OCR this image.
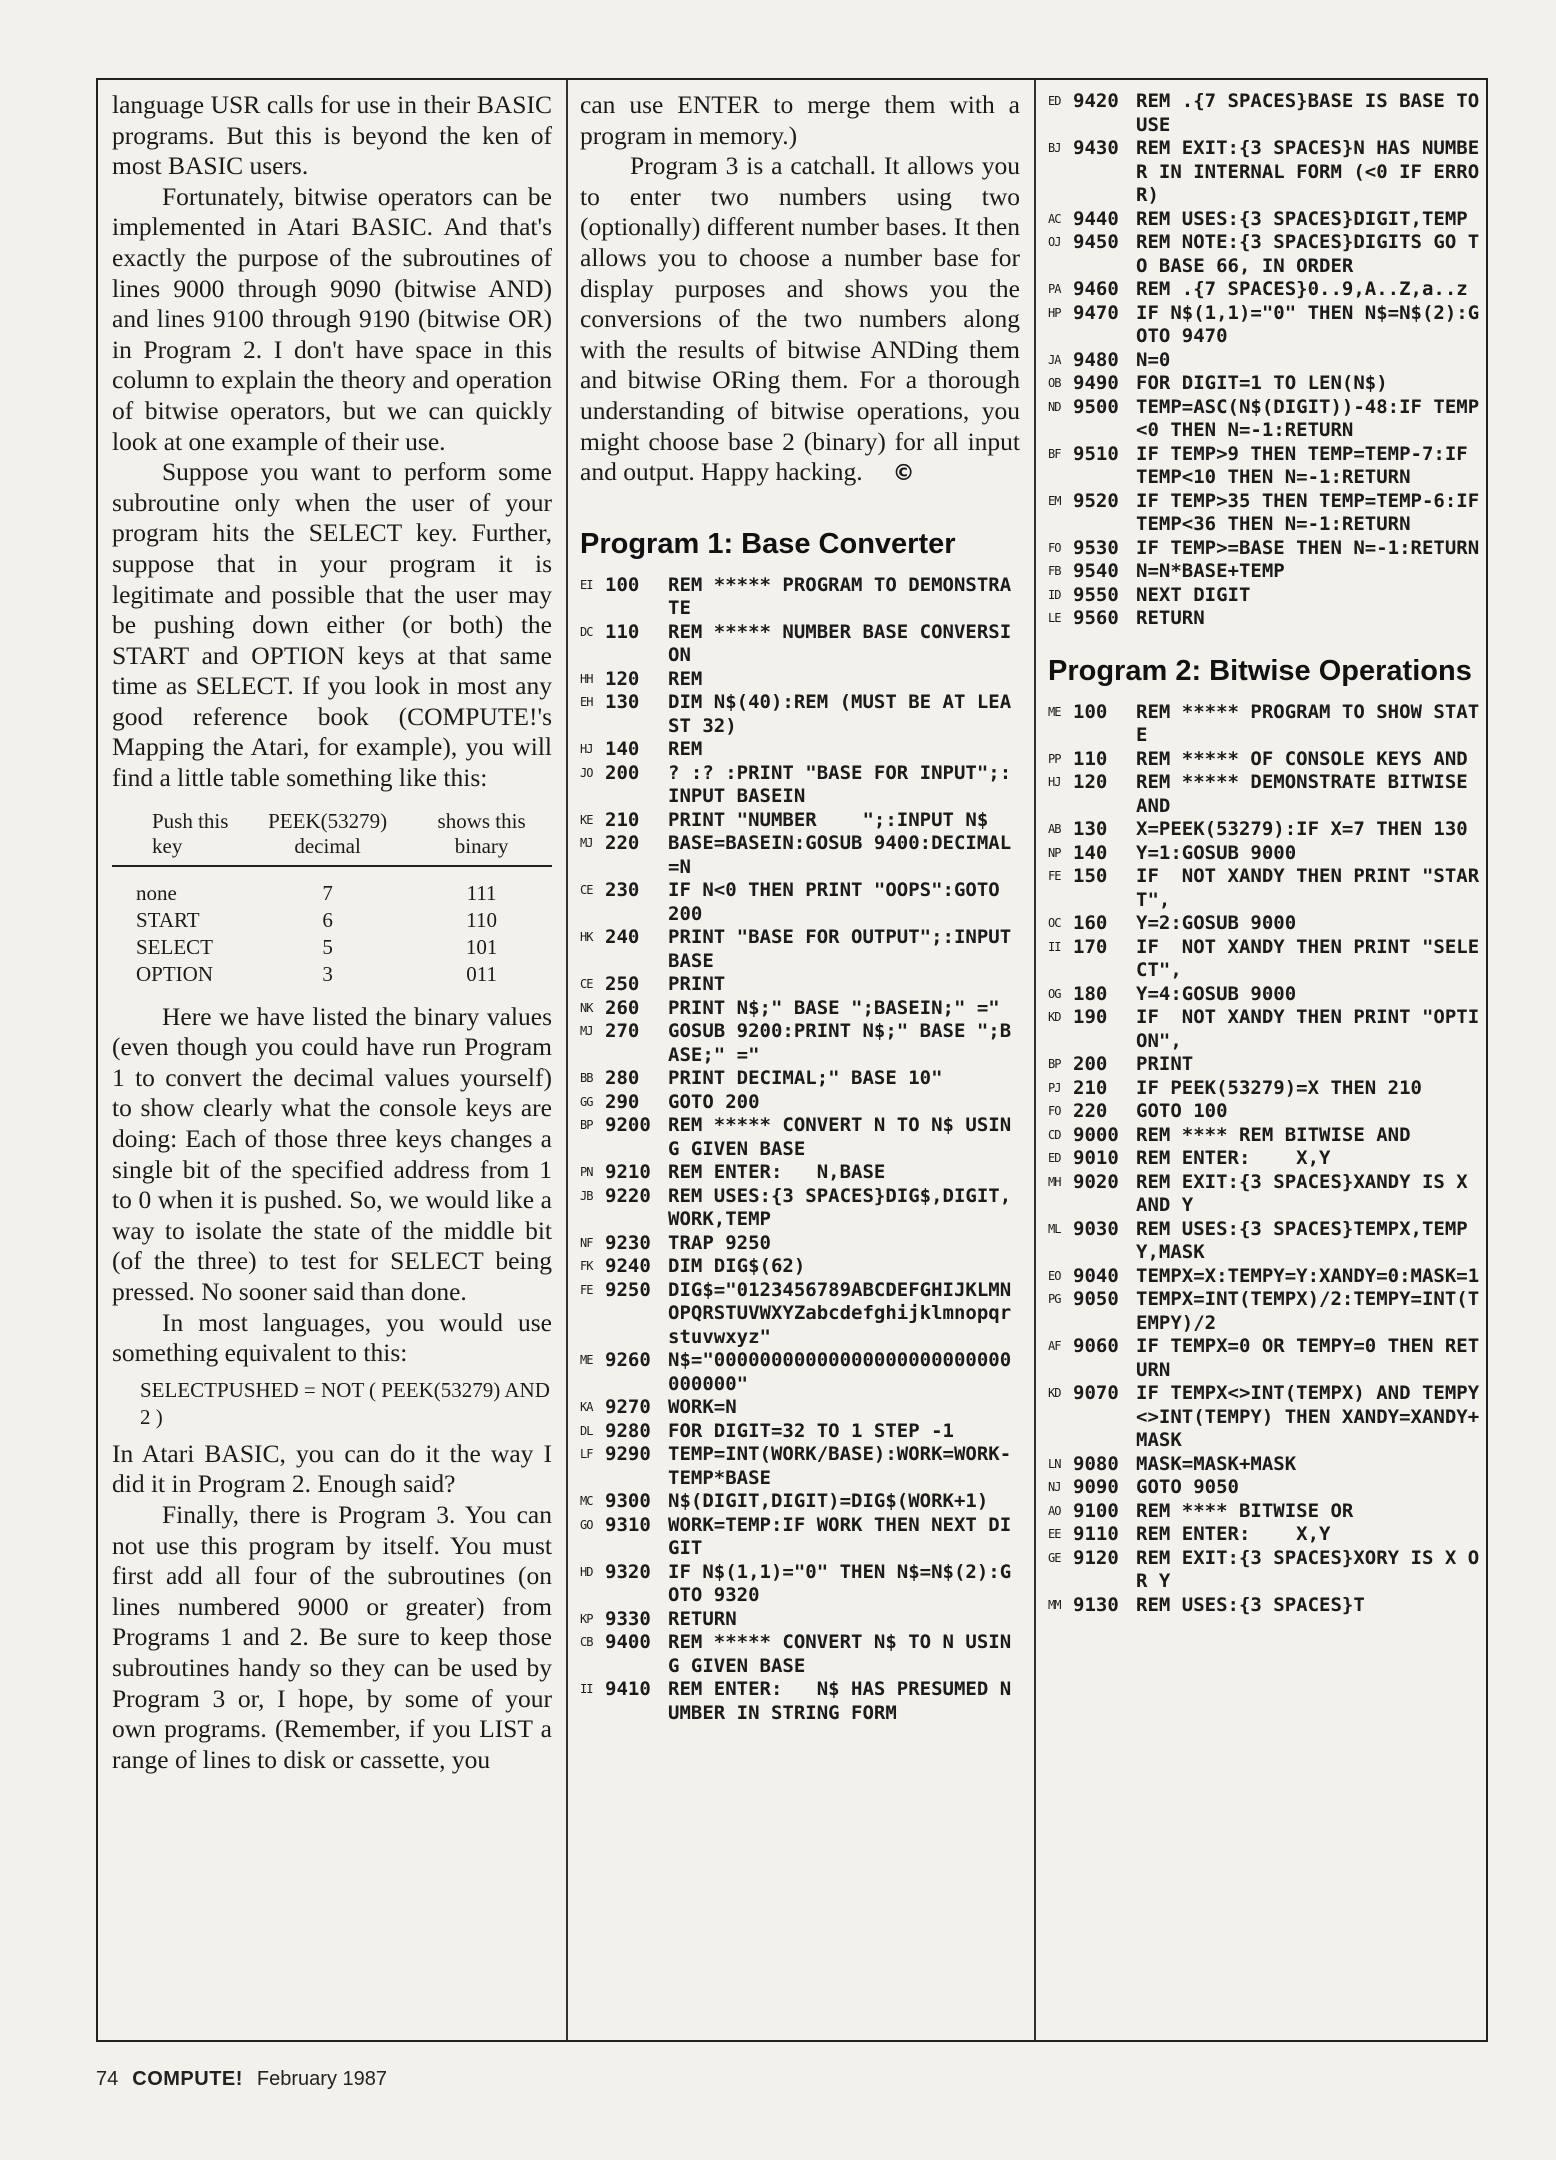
language USR calls for use in their BASIC programs. But this is beyond the ken of most BASIC users.

Fortunately, bitwise operators can be implemented in Atari BASIC. And that's exactly the purpose of the subroutines of lines 9000 through 9090 (bitwise AND) and lines 9100 through 9190 (bitwise OR) in Program 2. I don't have space in this column to explain the theory and operation of bitwise operators, but we can quickly look at one example of their use.

Suppose you want to perform some subroutine only when the user of your program hits the SELECT key. Further, suppose that in your program it is legitimate and possible that the user may be pushing down either (or both) the START and OPTION keys at that same time as SELECT. If you look in most any good reference book (COMPUTE!'s Mapping the Atari, for example), you will find a little table something like this:

Push this key	PEEK(53279) decimal	shows this binary
none	7	111
START	6	110
SELECT	5	101
OPTION	3	011

Here we have listed the binary values (even though you could have run Program 1 to convert the decimal values yourself) to show clearly what the console keys are doing: Each of those three keys changes a single bit of the specified address from 1 to 0 when it is pushed. So, we would like a way to isolate the state of the middle bit (of the three) to test for SELECT being pressed. No sooner said than done.

In most languages, you would use something equivalent to this:

SELECTPUSHED = NOT ( PEEK(53279) AND 2 )

In Atari BASIC, you can do it the way I did it in Program 2. Enough said?

Finally, there is Program 3. You can not use this program by itself. You must first add all four of the subroutines (on lines numbered 9000 or greater) from Programs 1 and 2. Be sure to keep those subroutines handy so they can be used by Program 3 or, I hope, by some of your own programs. (Remember, if you LIST a range of lines to disk or cassette, you

can use ENTER to merge them with a program in memory.)

Program 3 is a catchall. It allows you to enter two numbers using two (optionally) different number bases. It then allows you to choose a number base for display purposes and shows you the conversions of the two numbers along with the results of bitwise ANDing them and bitwise ORing them. For a thorough understanding of bitwise operations, you might choose base 2 (binary) for all input and output. Happy hacking. ©

Program 1: Base Converter
EI 100	REM ***** PROGRAM TO DEMONSTRATE
DC 110	REM ***** NUMBER BASE CONVERSION
HH 120	REM
EH 130	DIM N$(40):REM (MUST BE AT LEAST 32)
HJ 140	REM
JO 200	? :? :PRINT "BASE FOR INPUT";:INPUT BASEIN
KE 210	PRINT "NUMBER    ";:INPUT N$
MJ 220	BASE=BASEIN:GOSUB 9400:DECIMAL=N
CE 230	IF N<0 THEN PRINT "OOPS":GOTO 200
HK 240	PRINT "BASE FOR OUTPUT";:INPUT BASE
CE 250	PRINT
NK 260	PRINT N$;" BASE ";BASEIN;" ="
MJ 270	GOSUB 9200:PRINT N$;" BASE ";BASE;" ="
BB 280	PRINT DECIMAL;" BASE 10"
GG 290	GOTO 200
BP 9200 REM ***** CONVERT N TO N$ USING GIVEN BASE
PN 9210 REM ENTER:   N,BASE
JB 9220 REM USES:{3 SPACES}DIG$,DIGIT,WORK,TEMP
NF 9230 TRAP 9250
FK 9240 DIM DIG$(62)
FE 9250 DIG$="0123456789ABCDEFGHIJKLMNOPQRSTUVWXYZabcdefghijklmnopqrstuvwxyz"
ME 9260 N$="00000000000000000000000000000000"
KA 9270 WORK=N
DL 9280 FOR DIGIT=32 TO 1 STEP -1
LF 9290 TEMP=INT(WORK/BASE):WORK=WORK-TEMP*BASE
MC 9300 N$(DIGIT,DIGIT)=DIG$(WORK+1)
GO 9310 WORK=TEMP:IF WORK THEN NEXT DIGIT
HD 9320 IF N$(1,1)="0" THEN N$=N$(2):GOTO 9320
KP 9330 RETURN
CB 9400 REM ***** CONVERT N$ TO N USING GIVEN BASE
II 9410 REM ENTER:   N$ HAS PRESUMED NUMBER IN STRING FORM
ED 9420 REM .{7 SPACES}BASE IS BASE TO USE
BJ 9430 REM EXIT:{3 SPACES}N HAS NUMBER IN INTERNAL FORM (<0 IF ERROR)
AC 9440 REM USES:{3 SPACES}DIGIT,TEMP
OJ 9450 REM NOTE:{3 SPACES}DIGITS GO TO BASE 66, IN ORDER
PA 9460 REM .{7 SPACES}0..9,A..Z,a..z
HP 9470 IF N$(1,1)="0" THEN N$=N$(2):GOTO 9470
JA 9480 N=0
OB 9490 FOR DIGIT=1 TO LEN(N$)
ND 9500 TEMP=ASC(N$(DIGIT))-48:IF TEMP<0 THEN N=-1:RETURN
BF 9510 IF TEMP>9 THEN TEMP=TEMP-7:IF TEMP<10 THEN N=-1:RETURN
EM 9520 IF TEMP>35 THEN TEMP=TEMP-6:IF TEMP<36 THEN N=-1:RETURN
FO 9530 IF TEMP>=BASE THEN N=-1:RETURN
FB 9540 N=N*BASE+TEMP
ID 9550 NEXT DIGIT
LE 9560 RETURN
Program 2: Bitwise Operations
ME 100	REM ***** PROGRAM TO SHOW STATE
PP 110	REM ***** OF CONSOLE KEYS AND
HJ 120	REM ***** DEMONSTRATE BITWISE AND
AB 130	X=PEEK(53279):IF X=7 THEN 130
NP 140	Y=1:GOSUB 9000
FE 150	IF  NOT XANDY THEN PRINT "START",
OC 160	Y=2:GOSUB 9000
II 170	IF  NOT XANDY THEN PRINT "SELECT",
OG 180	Y=4:GOSUB 9000
KD 190	IF  NOT XANDY THEN PRINT "OPTION",
BP 200	PRINT
PJ 210	IF PEEK(53279)=X THEN 210
FO 220	GOTO 100
CD 9000 REM **** REM BITWISE AND
ED 9010 REM ENTER:    X,Y
MH 9020 REM EXIT:{3 SPACES}XANDY IS X AND Y
ML 9030 REM USES:{3 SPACES}TEMPX,TEMPY,MASK
EO 9040 TEMPX=X:TEMPY=Y:XANDY=0:MASK=1
PG 9050 TEMPX=INT(TEMPX)/2:TEMPY=INT(TEMPY)/2
AF 9060 IF TEMPX=0 OR TEMPY=0 THEN RETURN
KD 9070 IF TEMPX<>INT(TEMPX) AND TEMPY<>INT(TEMPY) THEN XANDY=XANDY+MASK
LN 9080 MASK=MASK+MASK
NJ 9090 GOTO 9050
AO 9100 REM **** BITWISE OR
EE 9110 REM ENTER:    X,Y
GE 9120 REM EXIT:{3 SPACES}XORY IS X OR Y
MM 9130 REM USES:{3 SPACES}T
74 COMPUTE! February 1987
